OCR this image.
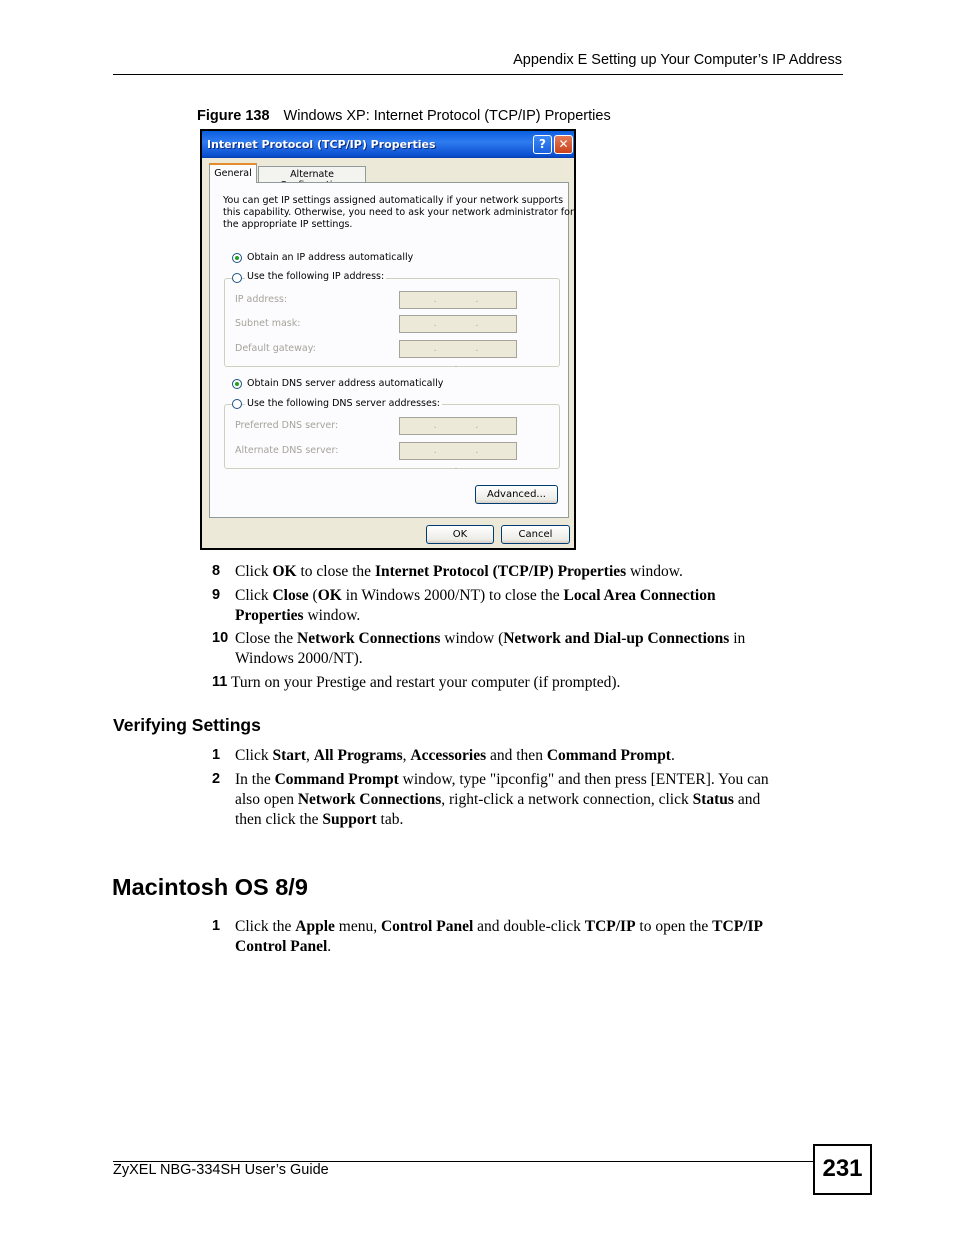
Appendix E Setting up Your Computer’s IP Address
Figure 138 Windows XP: Internet Protocol (TCP/IP) Properties
Internet Protocol (TCP/IP) Properties	?	✕
General	Alternate
You can get IP settings assigned automatically if your network supports
this capability. Otherwise, you need to ask your network administrator for
the appropriate IP settings.
Obtain an IP address automatically
Use the following IP address:
IP address:	. .
Subnet mask:	. .
Default gateway:	. . .
Obtain DNS server address automatically
Use the following DNS server addresses:
Preferred DNS server:	. .
Alternate DNS server:	. . .
Advanced...
OK	Cancel
8 Click OK to close the Internet Protocol (TCP/IP) Properties window.
9 Click Close (OK in Windows 2000/NT) to close the Local Area Connection
Properties window.
10 Close the Network Connections window (Network and Dial-up Connections in
Windows 2000/NT).
11 Turn on your Prestige and restart your computer (if prompted).
Verifying Settings
1 Click Start, All Programs, Accessories and then Command Prompt.
2 In the Command Prompt window, type "ipconfig" and then press [ENTER]. You can
also open Network Connections, right-click a network connection, click Status and
then click the Support tab.
Macintosh OS 8/9
1 Click the Apple menu, Control Panel and double-click TCP/IP to open the TCP/IP
Control Panel.
ZyXEL NBG-334SH User’s Guide	231
